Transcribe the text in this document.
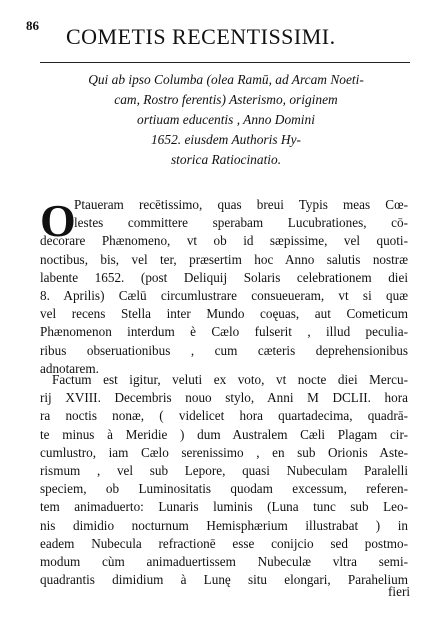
86 COMETIS RECENTISSIMI.
Qui ab ipso Columba (olea Ramū, ad Arcam Noeti-
cam, Rostro ferentis) Asterismo, originem
ortiuam educentis , Anno Domini
1652. eiusdem Authoris Hy-
storica Ratiocinatio.
O
Ptaueram recētissimo, quas breui Typis meas Cœ-
lestes committere sperabam Lucubrationes, cō-
decorare Phænomeno, vt ob id sæpissime, vel quoti-
noctibus, bis, vel ter, præsertim hoc Anno salutis nostræ
labente 1652. (post Deliquij Solaris celebrationem diei
8. Aprilis) Cælū circumlustrare consueueram, vt si quæ
vel recens Stella inter Mundo coęuas, aut Cometicum
Phænomenon interdum è Cælo fulserit , illud peculia-
ribus obseruationibus , cum cæteris deprehensionibus
adnotarem.
Factum est igitur, veluti ex voto, vt nocte diei Mercu-
rij XVIII. Decembris nouo stylo, Anni M DCLII. hora
ra noctis nonæ, ( videlicet hora quartadecima, quadrā-
te minus à Meridie ) dum Australem Cæli Plagam cir-
cumlustro, iam Cælo serenissimo , en sub Orionis Aste-
rismum , vel sub Lepore, quasi Nubeculam Paralelli
speciem, ob Luminositatis quodam excessum, referen-
tem animaduerto: Lunaris luminis (Luna tunc sub Leo-
nis dimidio nocturnum Hemisphærium illustrabat ) in
eadem Nubecula refractionē esse conijcio sed postmo-
modum cùm animaduertissem Nubeculæ vltra semi-
quadrantis dimidium à Lunę situ elongari, Parahelium
fieri
